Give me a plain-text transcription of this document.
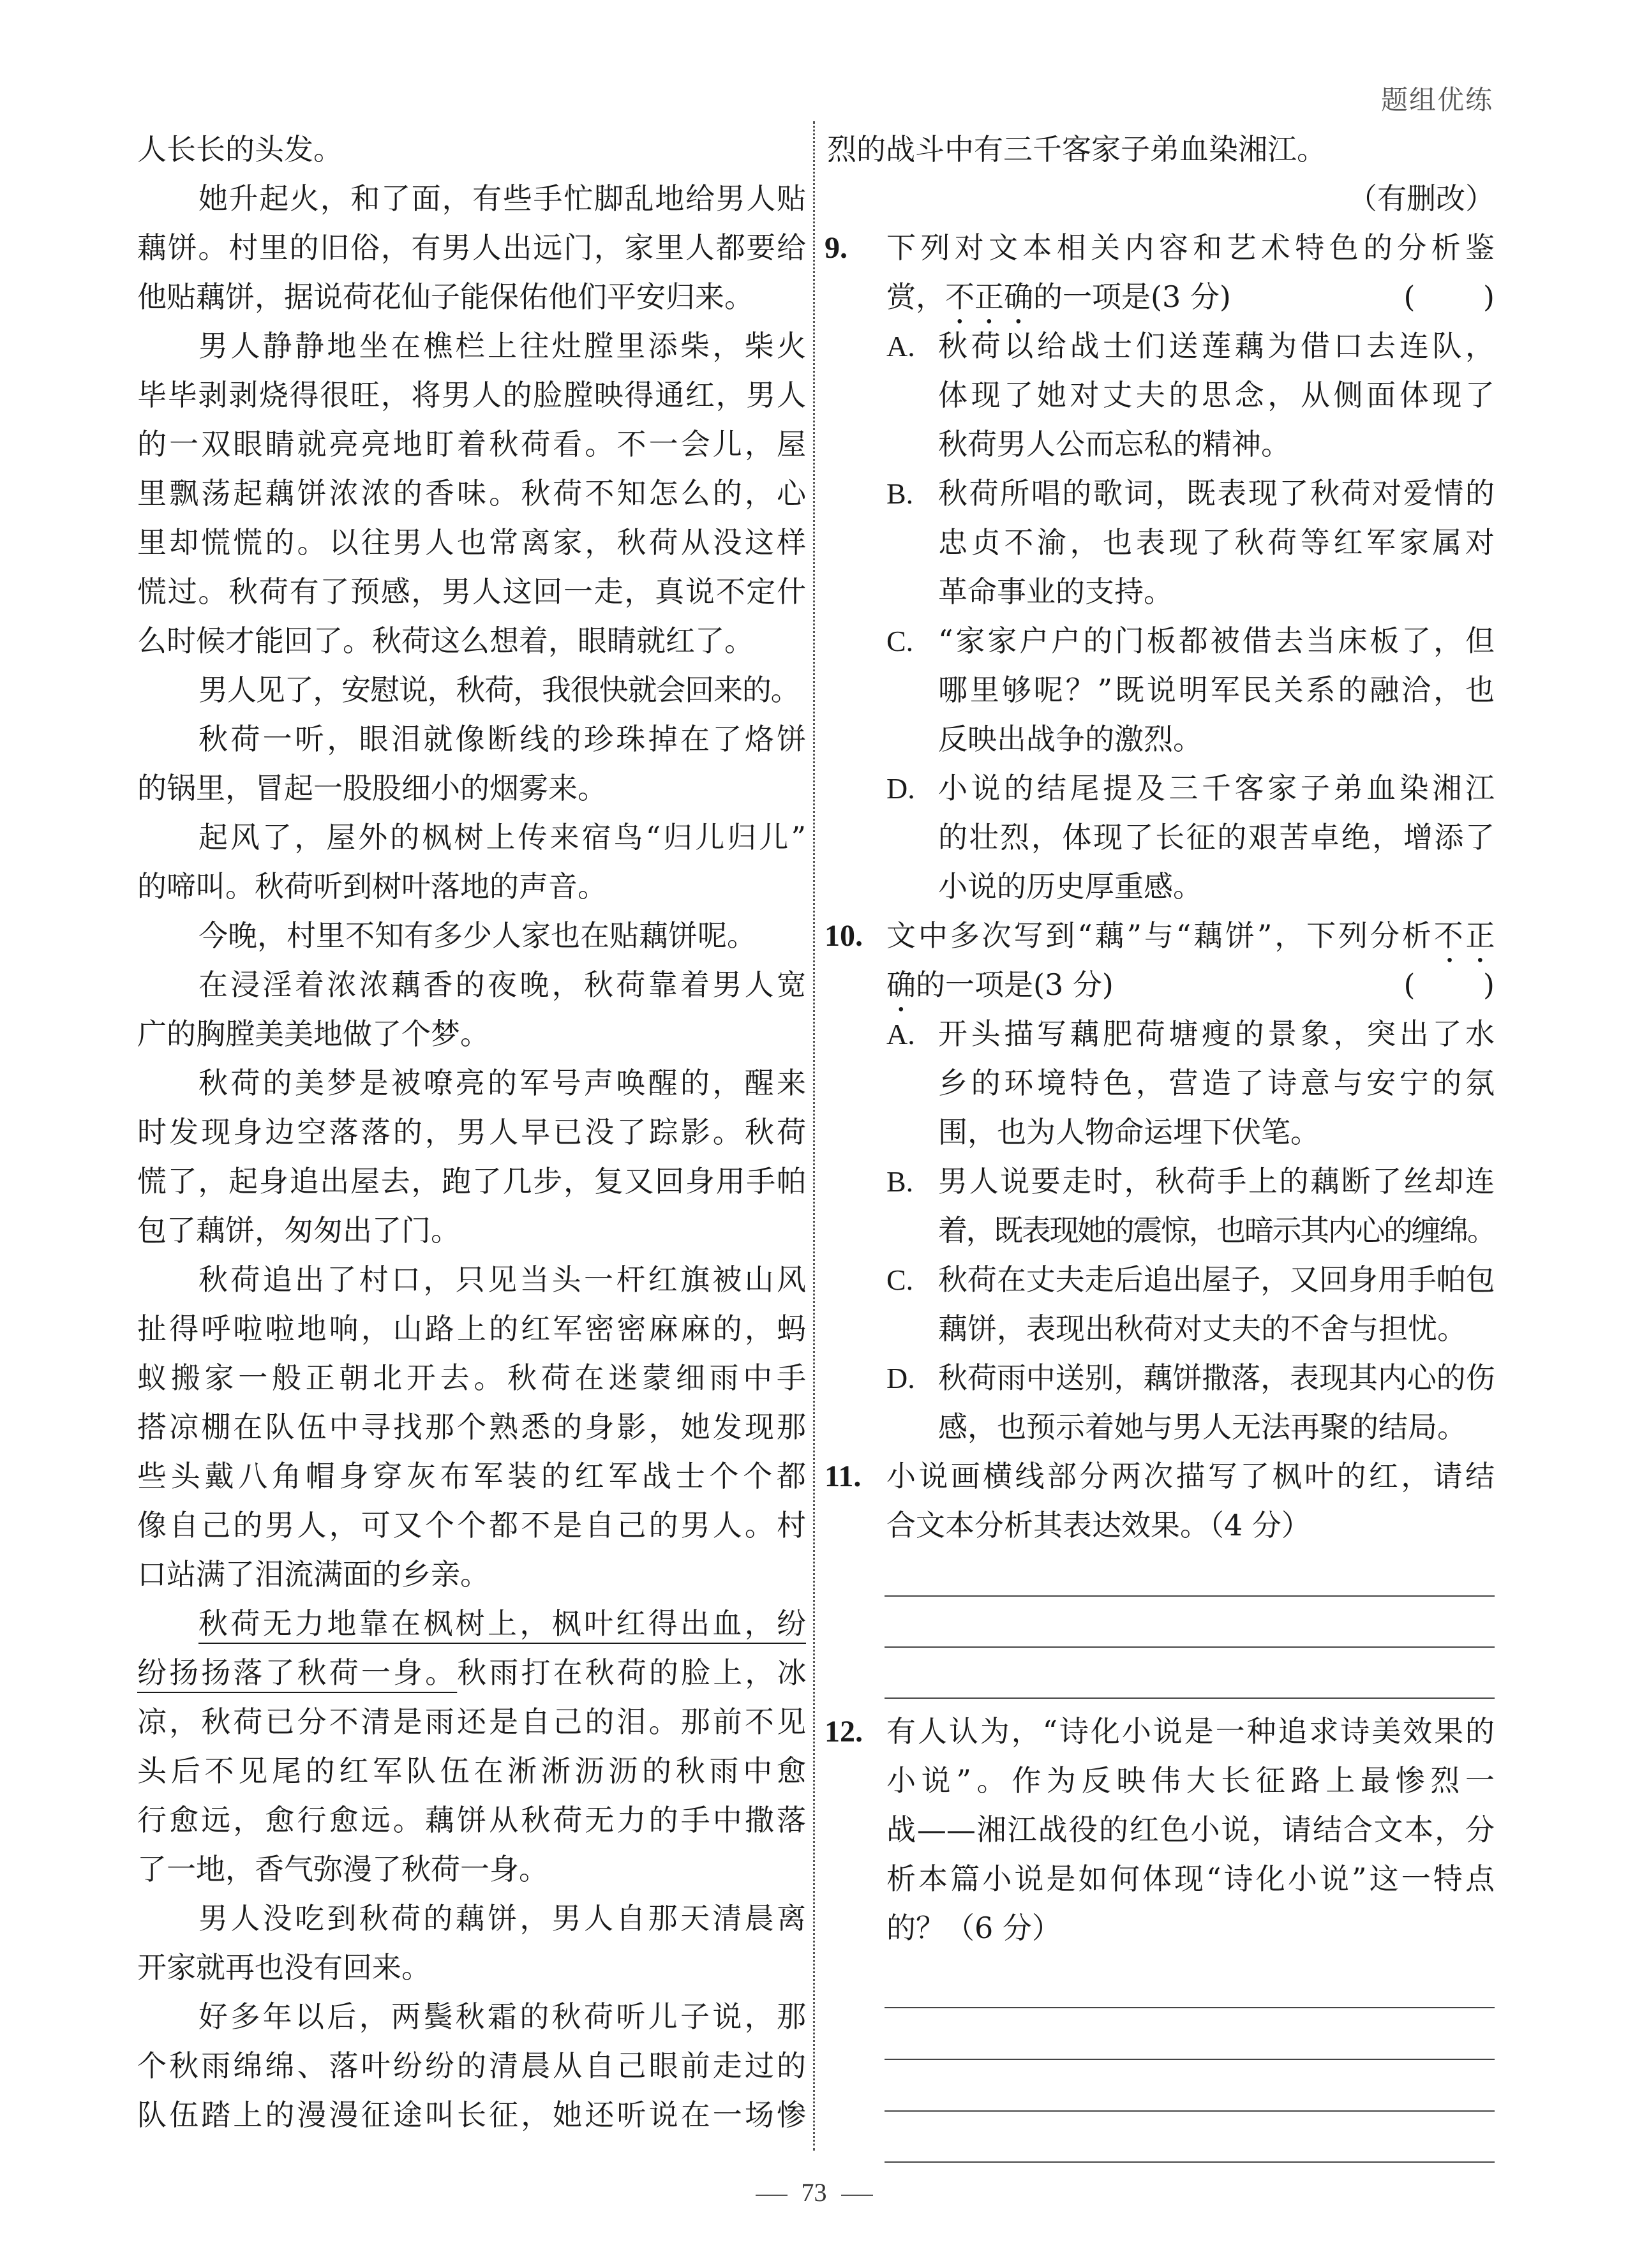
题组优练
人长长的头发。
她升起火，和了面，有些手忙脚乱地给男人贴
藕饼。村里的旧俗，有男人出远门，家里人都要给
他贴藕饼，据说荷花仙子能保佑他们平安归来。
男人静静地坐在樵栏上往灶膛里添柴，柴火
毕毕剥剥烧得很旺，将男人的脸膛映得通红，男人
的一双眼睛就亮亮地盯着秋荷看。不一会儿，屋
里飘荡起藕饼浓浓的香味。秋荷不知怎么的，心
里却慌慌的。以往男人也常离家，秋荷从没这样
慌过。秋荷有了预感，男人这回一走，真说不定什
么时候才能回了。秋荷这么想着，眼睛就红了。
男人见了，安慰说，秋荷，我很快就会回来的。
秋荷一听，眼泪就像断线的珍珠掉在了烙饼
的锅里，冒起一股股细小的烟雾来。
起风了，屋外的枫树上传来宿鸟“归儿归儿”
的啼叫。秋荷听到树叶落地的声音。
今晚，村里不知有多少人家也在贴藕饼呢。
在浸淫着浓浓藕香的夜晚，秋荷靠着男人宽
广的胸膛美美地做了个梦。
秋荷的美梦是被嘹亮的军号声唤醒的，醒来
时发现身边空落落的，男人早已没了踪影。秋荷
慌了，起身追出屋去，跑了几步，复又回身用手帕
包了藕饼，匆匆出了门。
秋荷追出了村口，只见当头一杆红旗被山风
扯得呼啦啦地响，山路上的红军密密麻麻的，蚂
蚁搬家一般正朝北开去。秋荷在迷蒙细雨中手
搭凉棚在队伍中寻找那个熟悉的身影，她发现那
些头戴八角帽身穿灰布军装的红军战士个个都
像自己的男人，可又个个都不是自己的男人。村
口站满了泪流满面的乡亲。
秋荷无力地靠在枫树上，枫叶红得出血，纷
纷扬扬落了秋荷一身。秋雨打在秋荷的脸上，冰
凉，秋荷已分不清是雨还是自己的泪。那前不见
头后不见尾的红军队伍在淅淅沥沥的秋雨中愈
行愈远，愈行愈远。藕饼从秋荷无力的手中撒落
了一地，香气弥漫了秋荷一身。
男人没吃到秋荷的藕饼，男人自那天清晨离
开家就再也没有回来。
好多年以后，两鬓秋霜的秋荷听儿子说，那
个秋雨绵绵、落叶纷纷的清晨从自己眼前走过的
队伍踏上的漫漫征途叫长征，她还听说在一场惨
烈的战斗中有三千客家子弟血染湘江。
（有删改）
9. 下列对文本相关内容和艺术特色的分析鉴
赏，不正确的一项是(3 分)	(　　 )
A. 秋荷以给战士们送莲藕为借口去连队，
体现了她对丈夫的思念，从侧面体现了
秋荷男人公而忘私的精神。
B. 秋荷所唱的歌词，既表现了秋荷对爱情的
忠贞不渝，也表现了秋荷等红军家属对
革命事业的支持。
C. “家家户户的门板都被借去当床板了，但
哪里够呢？”既说明军民关系的融洽，也
反映出战争的激烈。
D. 小说的结尾提及三千客家子弟血染湘江
的壮烈，体现了长征的艰苦卓绝，增添了
小说的历史厚重感。
10. 文中多次写到“藕”与“藕饼”，下列分析不正
确的一项是(3 分)	(　　 )
A. 开头描写藕肥荷塘瘦的景象，突出了水
乡的环境特色，营造了诗意与安宁的氛
围，也为人物命运埋下伏笔。
B. 男人说要走时，秋荷手上的藕断了丝却连
着，既表现她的震惊，也暗示其内心的缠绵。
C. 秋荷在丈夫走后追出屋子，又回身用手帕包
藕饼，表现出秋荷对丈夫的不舍与担忧。
D. 秋荷雨中送别，藕饼撒落，表现其内心的伤
感，也预示着她与男人无法再聚的结局。
11. 小说画横线部分两次描写了枫叶的红，请结
合文本分析其表达效果。（4 分）
12. 有人认为，“诗化小说是一种追求诗美效果的
小说”。作为反映伟大长征路上最惨烈一
战——湘江战役的红色小说，请结合文本，分
析本篇小说是如何体现“诗化小说”这一特点
的？（6 分）
73
